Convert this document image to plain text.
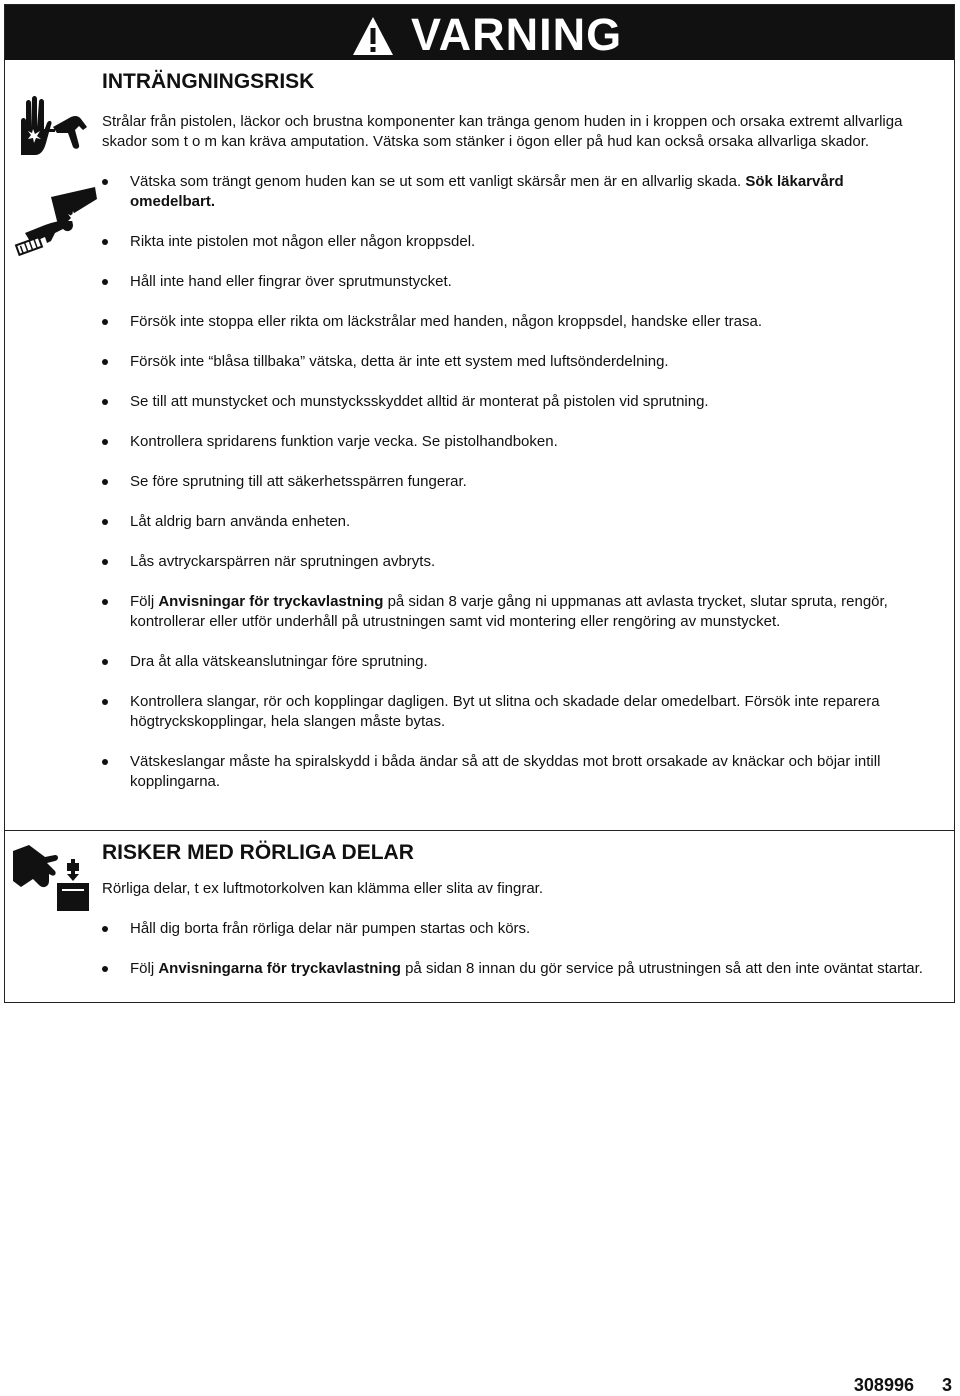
VARNING
INTRÄNGNINGSRISK

Strålar från pistolen, läckor och brustna komponenter kan tränga genom huden in i kroppen och orsaka extremt allvarliga skador som t o m kan kräva amputation. Vätska som stänker i ögon eller på hud kan också orsaka allvarliga skador.

Vätska som trängt genom huden kan se ut som ett vanligt skärsår men är en allvarlig skada. Sök läkarvård omedelbart.
Rikta inte pistolen mot någon eller någon kroppsdel.
Håll inte hand eller fingrar över sprutmunstycket.
Försök inte stoppa eller rikta om läckstrålar med handen, någon kroppsdel, handske eller trasa.
Försök inte “blåsa tillbaka” vätska, detta är inte ett system med luftsönderdelning.
Se till att munstycket och munstycksskyddet alltid är monterat på pistolen vid sprutning.
Kontrollera spridarens funktion varje vecka. Se pistolhandboken.
Se före sprutning till att säkerhetsspärren fungerar.
Låt aldrig barn använda enheten.
Lås avtryckarspärren när sprutningen avbryts.
Följ Anvisningar för tryckavlastning på sidan 8 varje gång ni uppmanas att avlasta trycket, slutar spruta, rengör, kontrollerar eller utför underhåll på utrustningen samt vid montering eller rengöring av munstycket.
Dra åt alla vätskeanslutningar före sprutning.
Kontrollera slangar, rör och kopplingar dagligen. Byt ut slitna och skadade delar omedelbart. Försök inte reparera högtryckskopplingar, hela slangen måste bytas.
Vätskeslangar måste ha spiralskydd i båda ändar så att de skyddas mot brott orsakade av knäckar och böjar intill kopplingarna.
RISKER MED RÖRLIGA DELAR

Rörliga delar, t ex luftmotorkolven kan klämma eller slita av fingrar.

Håll dig borta från rörliga delar när pumpen startas och körs.
Följ Anvisningarna för tryckavlastning på sidan 8 innan du gör service på utrustningen så att den inte oväntat startar.
308996 3
